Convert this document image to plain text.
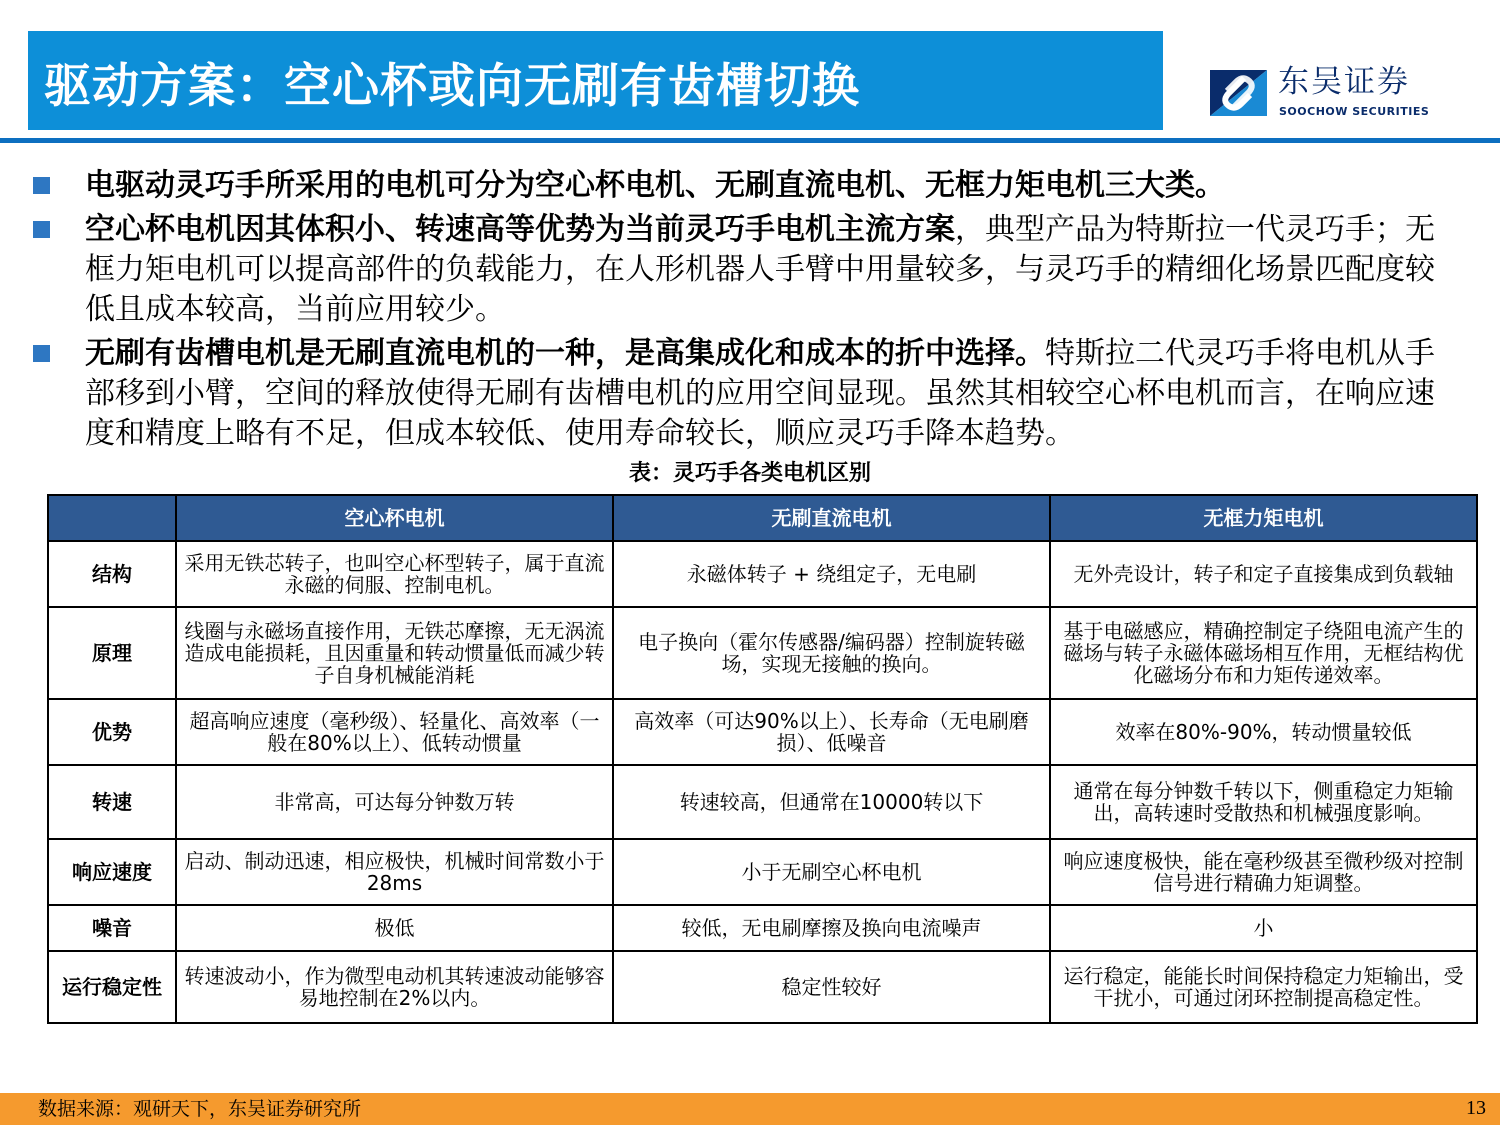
驱动方案：空心杯或向无刷有齿槽切换	东吴证券
SOOCHOW SECURITIES
电驱动灵巧手所采用的电机可分为空心杯电机、无刷直流电机、无框力矩电机三大类。
空心杯电机因其体积小、转速高等优势为当前灵巧手电机主流方案，典型产品为特斯拉一代灵巧手；无框力矩电机可以提高部件的负载能力，在人形机器人手臂中用量较多，与灵巧手的精细化场景匹配度较低且成本较高，当前应用较少。
无刷有齿槽电机是无刷直流电机的一种，是高集成化和成本的折中选择。特斯拉二代灵巧手将电机从手部移到小臂，空间的释放使得无刷有齿槽电机的应用空间显现。虽然其相较空心杯电机而言，在响应速度和精度上略有不足，但成本较低、使用寿命较长，顺应灵巧手降本趋势。
表：灵巧手各类电机区别
	空心杯电机	无刷直流电机	无框力矩电机
结构	采用无铁芯转子，也叫空心杯型转子，属于直流永磁的伺服、控制电机。	永磁体转子 + 绕组定子，无电刷	无外壳设计，转子和定子直接集成到负载轴
原理	线圈与永磁场直接作用，无铁芯摩擦，无无涡流造成电能损耗，且因重量和转动惯量低而减少转子自身机械能消耗	电子换向（霍尔传感器/编码器）控制旋转磁场，实现无接触的换向。	基于电磁感应，精确控制定子绕阻电流产生的磁场与转子永磁体磁场相互作用，无框结构优化磁场分布和力矩传递效率。
优势	超高响应速度（毫秒级）、轻量化、高效率（一般在80%以上）、低转动惯量	高效率（可达90%以上）、长寿命（无电刷磨损）、低噪音	效率在80%-90%，转动惯量较低
转速	非常高，可达每分钟数万转	转速较高，但通常在10000转以下	通常在每分钟数千转以下，侧重稳定力矩输出，高转速时受散热和机械强度影响。
响应速度	启动、制动迅速，相应极快，机械时间常数小于28ms	小于无刷空心杯电机	响应速度极快，能在毫秒级甚至微秒级对控制信号进行精确力矩调整。
噪音	极低	较低，无电刷摩擦及换向电流噪声	小
运行稳定性	转速波动小，作为微型电动机其转速波动能够容易地控制在2%以内。	稳定性较好	运行稳定，能能长时间保持稳定力矩输出，受干扰小，可通过闭环控制提高稳定性。
数据来源：观研天下，东吴证券研究所	13
